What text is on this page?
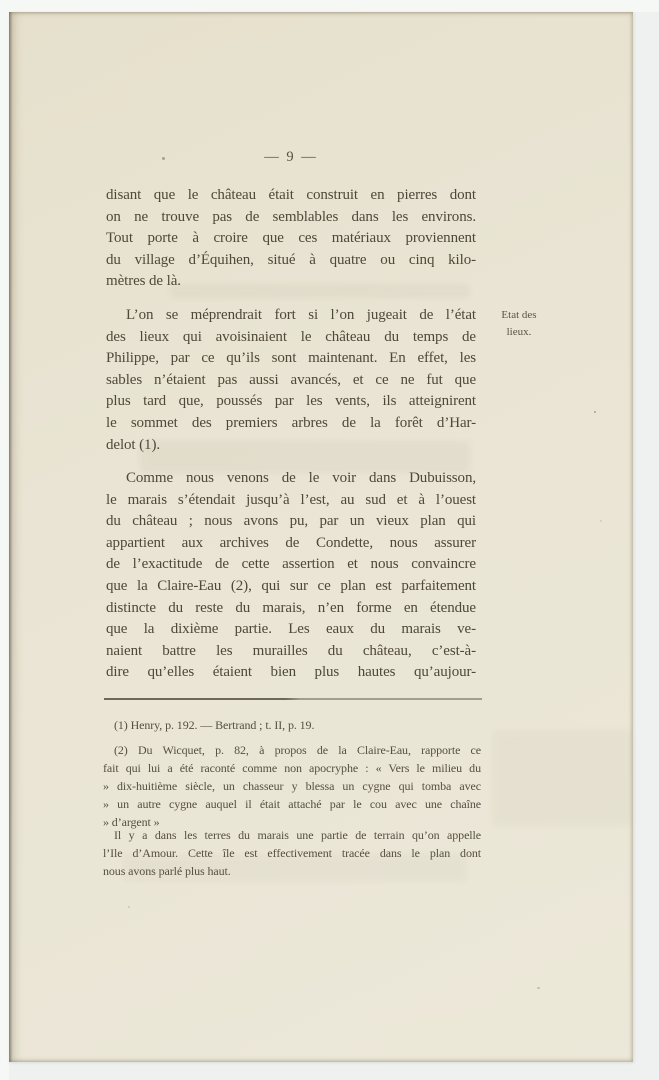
— 9 —
disant que le château était construit en pierres dont
on ne trouve pas de semblables dans les environs.
Tout porte à croire que ces matériaux proviennent
du village d’Équihen, situé à quatre ou cinq kilo-
mètres de là.
L’on se méprendrait fort si l’on jugeait de l’état
des lieux qui avoisinaient le château du temps de
Philippe, par ce qu’ils sont maintenant. En effet, les
sables n’étaient pas aussi avancés, et ce ne fut que
plus tard que, poussés par les vents, ils atteignirent
le sommet des premiers arbres de la forêt d’Har-
delot (1).
Comme nous venons de le voir dans Dubuisson,
le marais s’étendait jusqu’à l’est, au sud et à l’ouest
du château ; nous avons pu, par un vieux plan qui
appartient aux archives de Condette, nous assurer
de l’exactitude de cette assertion et nous convaincre
que la Claire-Eau (2), qui sur ce plan est parfaitement
distincte du reste du marais, n’en forme en étendue
que la dixième partie. Les eaux du marais ve-
naient battre les murailles du château, c’est-à-
dire qu’elles étaient bien plus hautes qu’aujour-
Etat des
lieux.
(1) Henry, p. 192. — Bertrand ; t. II, p. 19.
(2) Du Wicquet, p. 82, à propos de la Claire-Eau, rapporte ce
fait qui lui a été raconté comme non apocryphe : « Vers le milieu du
» dix-huitième siècle, un chasseur y blessa un cygne qui tomba avec
» un autre cygne auquel il était attaché par le cou avec une chaîne
» d’argent »
Il y a dans les terres du marais une partie de terrain qu’on appelle
l’Ile d’Amour. Cette île est effectivement tracée dans le plan dont
nous avons parlé plus haut.
